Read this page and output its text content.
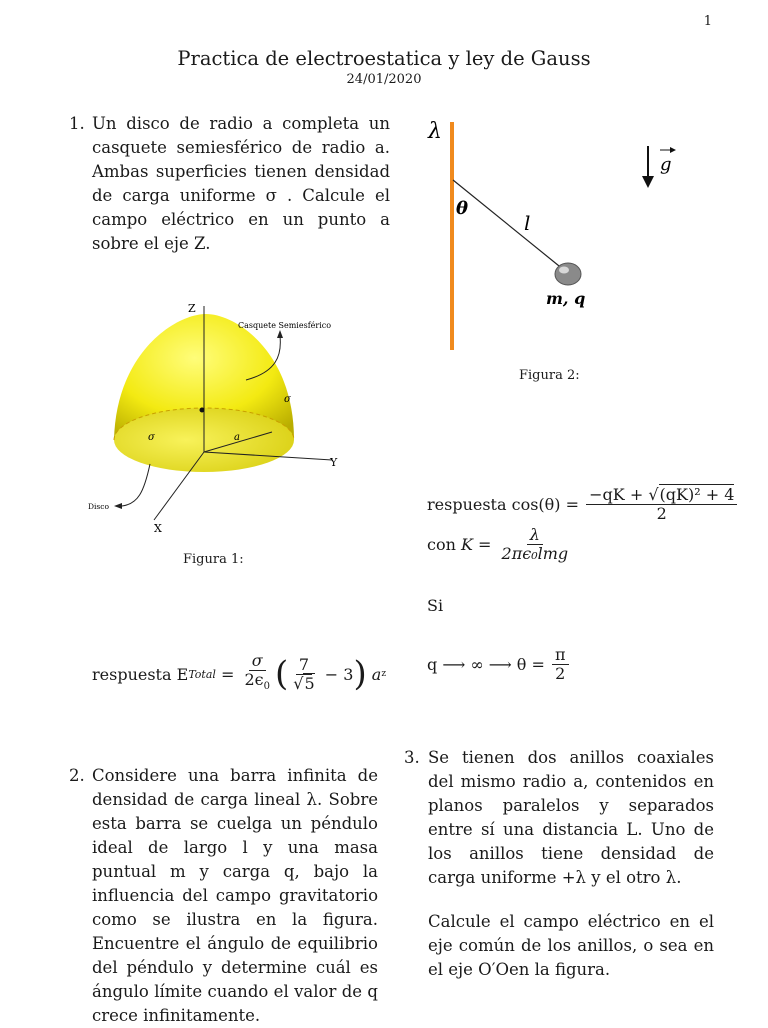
1
Practica de electroestatica y ley de Gauss
24/01/2020
1. Un disco de radio a completa un casquete semiesférico de radio a. Ambas superficies tienen densidad de carga uniforme σ . Calcule el campo eléctrico en un punto a sobre el eje Z.
Z
Y
X
Casquete Semiesférico
Disco
σ
σ	a
Figura 1:
respuesta
E Total = $\frac{\sigma}{2\epsilon_0}$ ( $\frac{7}{√5}$
− 3 )
a z
2. Considere una barra infinita de densidad de carga lineal λ. Sobre esta barra se cuelga un péndulo ideal de largo l y una masa puntual m y carga q, bajo la influencia del campo gravitatorio como se ilustra en la figura. Encuentre el ángulo de equilibrio del péndulo y determine cuál es ángulo límite cuando el valor de q crece infinitamente.
λ
θ
l
m, q
g
Figura 2:
respuesta
cos(θ) =
$\frac{\text{−qK + √(qK)² + 4}}{2}$
con
K =
$\frac{\lambda}{\text{2πϵ₀lmg}}$
Si
q ⟶ ∞ ⟶ θ =
$\frac{\pi}{2}$
3. Se tienen dos anillos coaxiales del mismo radio a, contenidos en planos paralelos y separados entre sí una distancia L. Uno de los anillos tiene densidad de carga uniforme +λ y el otro λ.
Calcule el campo eléctrico en el eje común de los anillos, o sea en el eje O′Oen la figura.
